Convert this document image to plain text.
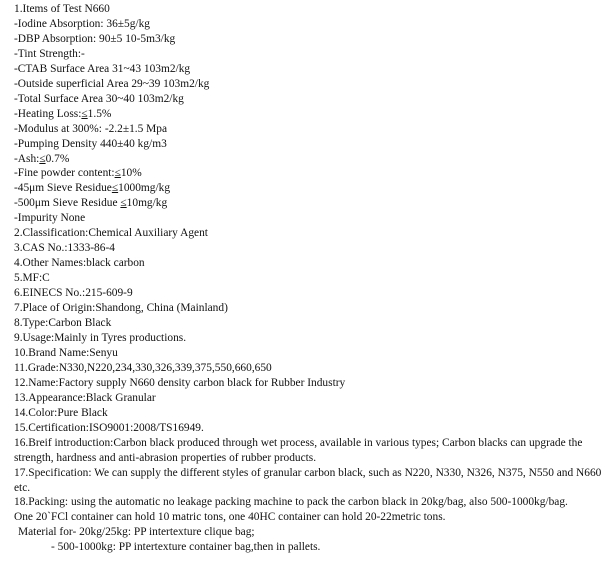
1.Items of Test N660
-Iodine Absorption: 36±5g/kg
-DBP Absorption: 90±5 10-5m3/kg
-Tint Strength:-
-CTAB Surface Area 31~43 103m2/kg
-Outside superficial Area 29~39 103m2/kg
-Total Surface Area 30~40 103m2/kg
-Heating Loss:≤1.5%
-Modulus at 300%: -2.2±1.5 Mpa
-Pumping Density 440±40 kg/m3
-Ash:≤0.7%
-Fine powder content:≤10%
-45μm Sieve Residue≤1000mg/kg
-500μm Sieve Residue ≤10mg/kg
-Impurity None
2.Classification:Chemical Auxiliary Agent
3.CAS No.:1333-86-4
4.Other Names:black carbon
5.MF:C
6.EINECS No.:215-609-9
7.Place of Origin:Shandong, China (Mainland)
8.Type:Carbon Black
9.Usage:Mainly in Tyres productions.
10.Brand Name:Senyu
11.Grade:N330,N220,234,330,326,339,375,550,660,650
12.Name:Factory supply N660 density carbon black for Rubber Industry
13.Appearance:Black Granular
14.Color:Pure Black
15.Certification:ISO9001:2008/TS16949.
16.Breif introduction:Carbon black produced through wet process, available in various types; Carbon blacks can upgrade the strength, hardness and anti-abrasion properties of rubber products.
17.Specification: We can supply the different styles of granular carbon black, such as N220, N330, N326, N375, N550 and N660 etc.
18.Packing: using the automatic no leakage packing machine to pack the carbon black in 20kg/bag, also 500-1000kg/bag.
One 20`FCl container can hold 10 matric tons, one 40HC container can hold 20-22metric tons.
Material for- 20kg/25kg: PP intertexture clique bag;
- 500-1000kg: PP intertexture container bag,then in pallets.
